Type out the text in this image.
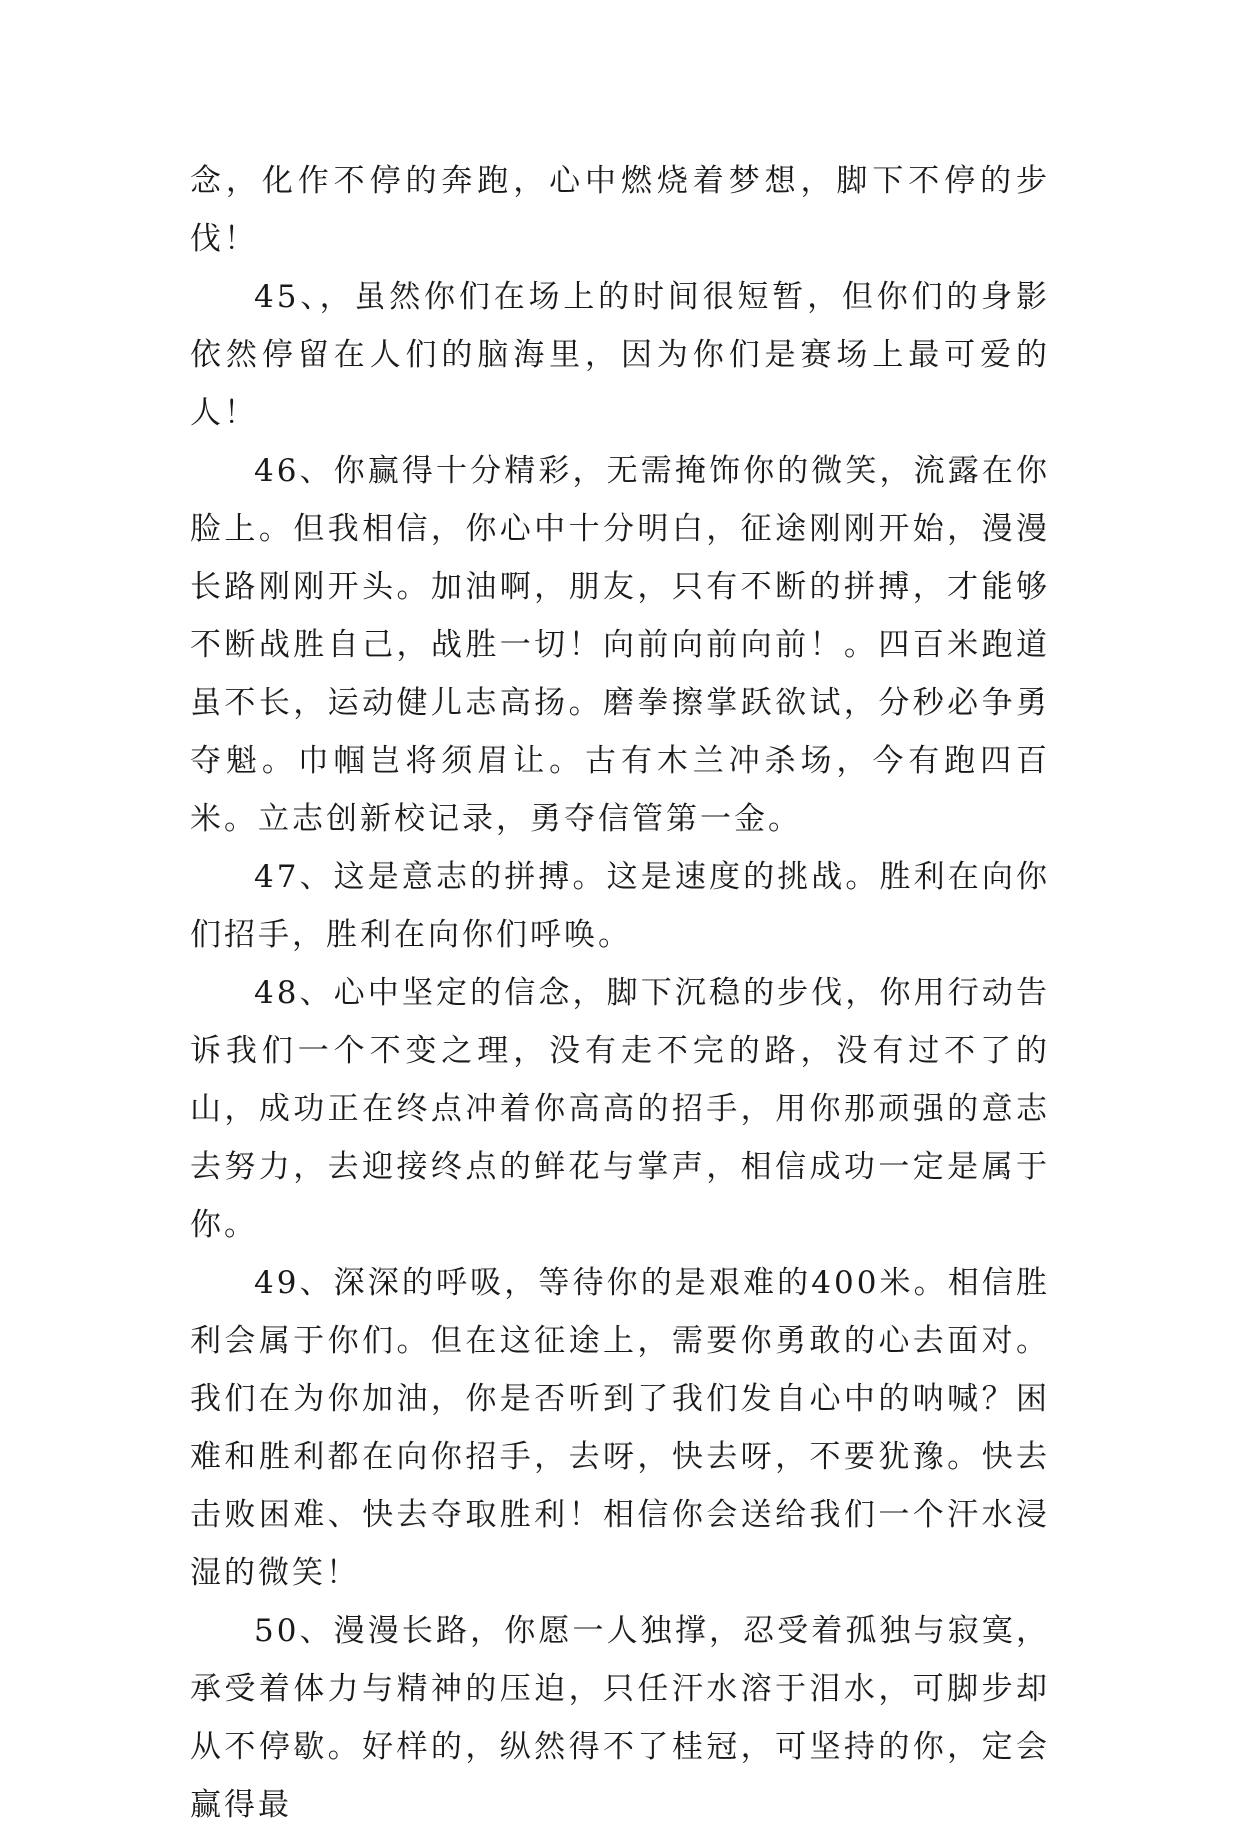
念，化作不停的奔跑，心中燃烧着梦想，脚下不停的步伐！

45、，虽然你们在场上的时间很短暂，但你们的身影依然停留在人们的脑海里，因为你们是赛场上最可爱的人！

46、你赢得十分精彩，无需掩饰你的微笑，流露在你脸上。但我相信，你心中十分明白，征途刚刚开始，漫漫长路刚刚开头。加油啊，朋友，只有不断的拼搏，才能够不断战胜自己，战胜一切！向前向前向前！。四百米跑道虽不长，运动健儿志高扬。磨拳擦掌跃欲试，分秒必争勇夺魁。巾帼岂将须眉让。古有木兰冲杀场，今有跑四百米。立志创新校记录，勇夺信管第一金。

47、这是意志的拼搏。这是速度的挑战。胜利在向你们招手，胜利在向你们呼唤。

48、心中坚定的信念，脚下沉稳的步伐，你用行动告诉我们一个不变之理，没有走不完的路，没有过不了的山，成功正在终点冲着你高高的招手，用你那顽强的意志去努力，去迎接终点的鲜花与掌声，相信成功一定是属于你。

49、深深的呼吸，等待你的是艰难的400米。相信胜利会属于你们。但在这征途上，需要你勇敢的心去面对。我们在为你加油，你是否听到了我们发自心中的呐喊？困难和胜利都在向你招手，去呀，快去呀，不要犹豫。快去击败困难、快去夺取胜利！相信你会送给我们一个汗水浸湿的微笑！

50、漫漫长路，你愿一人独撑，忍受着孤独与寂寞，承受着体力与精神的压迫，只任汗水溶于泪水，可脚步却从不停歇。好样的，纵然得不了桂冠，可坚持的你，定会赢得最
